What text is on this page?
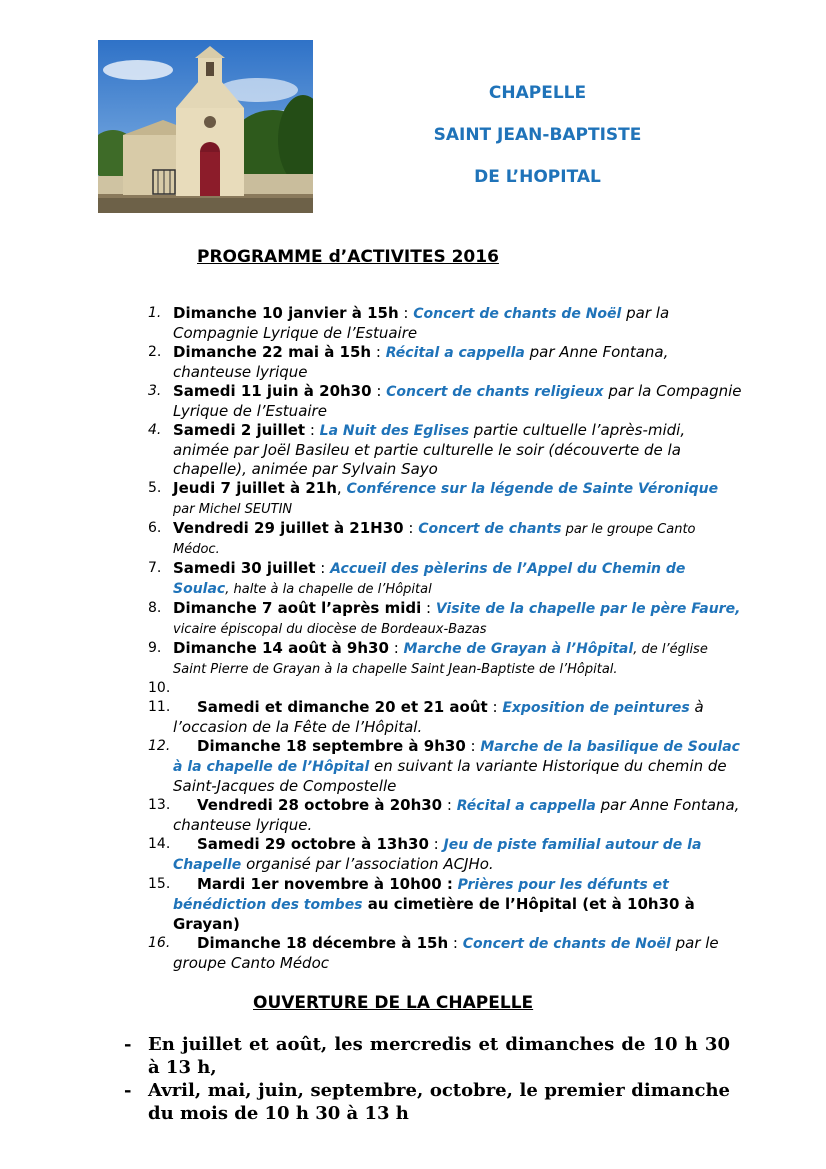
CHAPELLE
SAINT JEAN-BAPTISTE
DE L’HOPITAL
PROGRAMME d’ACTIVITES 2016
1. Dimanche 10 janvier à 15h : Concert de chants de Noël par la Compagnie Lyrique de l’Estuaire
2. Dimanche 22 mai à 15h : Récital a cappella par Anne Fontana, chanteuse lyrique
3. Samedi 11 juin à 20h30 : Concert de chants religieux par la Compagnie Lyrique de l’Estuaire
4. Samedi 2 juillet : La Nuit des Eglises partie cultuelle l’après-midi, animée par Joël Basileu et partie culturelle le soir (découverte de la chapelle), animée par Sylvain Sayo
5. Jeudi 7 juillet à 21h, Conférence sur la légende de Sainte Véronique par Michel SEUTIN
6. Vendredi 29 juillet à 21H30 : Concert de chants par le groupe Canto Médoc.
7. Samedi 30 juillet : Accueil des pèlerins de l’Appel du Chemin de Soulac, halte à la chapelle de l’Hôpital
8. Dimanche 7 août l’après midi : Visite de la chapelle par le père Faure, vicaire épiscopal du diocèse de Bordeaux-Bazas
9. Dimanche 14 août à 9h30 : Marche de Grayan à l’Hôpital, de l’église Saint Pierre de Grayan à la chapelle Saint Jean-Baptiste de l’Hôpital.
10.
11.	Samedi et dimanche 20 et 21 août : Exposition de peintures à l’occasion de la Fête de l’Hôpital.
12.	Dimanche 18 septembre à 9h30 : Marche de la basilique de Soulac à la chapelle de l’Hôpital en suivant la variante Historique du chemin de Saint-Jacques de Compostelle
13.	Vendredi 28 octobre à 20h30 : Récital a cappella par Anne Fontana, chanteuse lyrique.
14.	Samedi 29 octobre à 13h30 : Jeu de piste familial autour de la Chapelle organisé par l’association ACJHo.
15.	Mardi 1er novembre à 10h00 : Prières pour les défunts et bénédiction des tombes au cimetière de l’Hôpital (et à 10h30 à Grayan)
16.	Dimanche 18 décembre à 15h : Concert de chants de Noël par le groupe Canto Médoc
OUVERTURE DE LA CHAPELLE
- En juillet et août, les mercredis et dimanches de 10 h 30 à 13 h,
- Avril, mai, juin, septembre, octobre, le premier dimanche du mois de 10 h 30 à 13 h
